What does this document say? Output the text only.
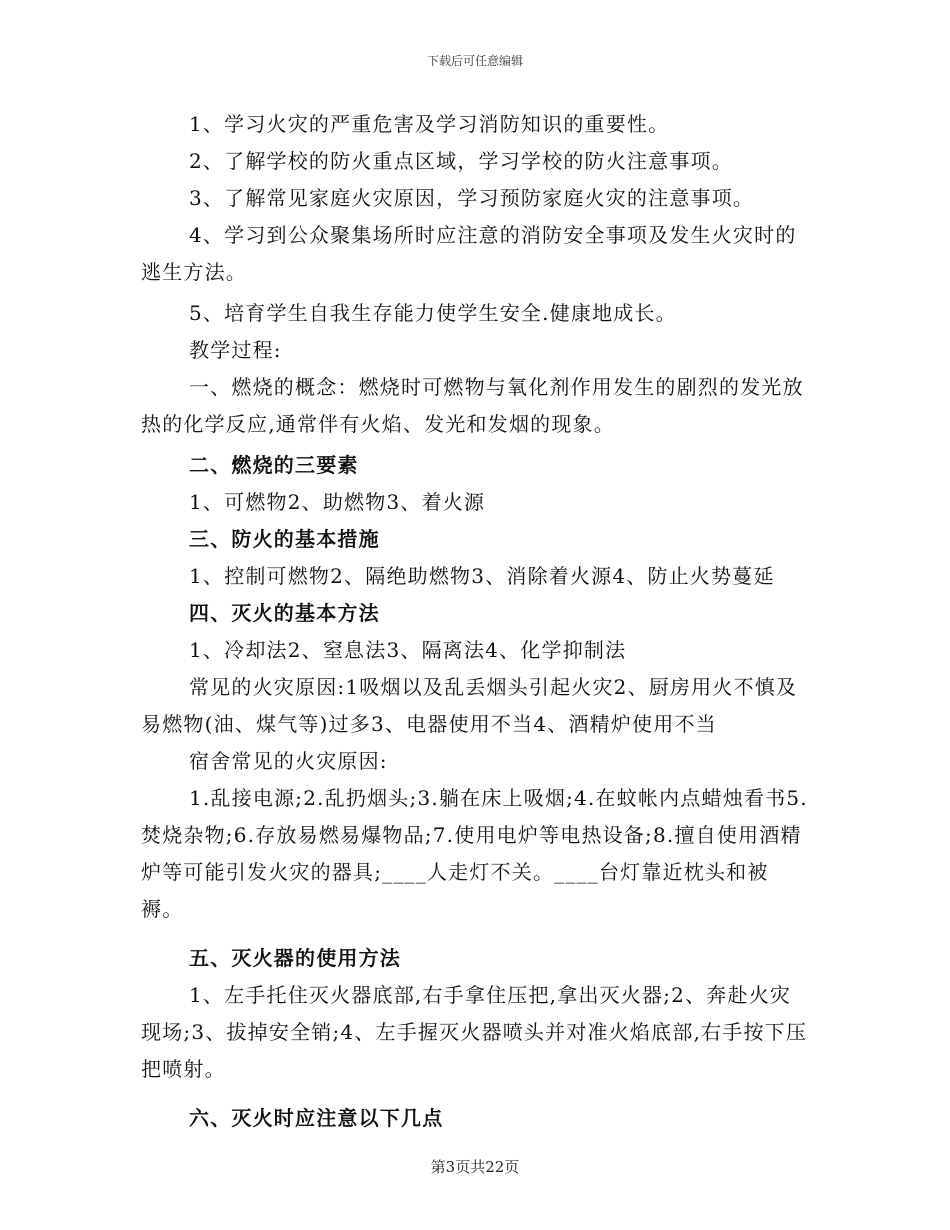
下载后可任意编辑

1、学习火灾的严重危害及学习消防知识的重要性。

2、了解学校的防火重点区域，学习学校的防火注意事项。

3、了解常见家庭火灾原因，学习预防家庭火灾的注意事项。

4、学习到公众聚集场所时应注意的消防安全事项及发生火灾时的逃生方法。

5、培育学生自我生存能力使学生安全.健康地成长。

教学过程:

一、燃烧的概念：燃烧时可燃物与氧化剂作用发生的剧烈的发光放热的化学反应,通常伴有火焰、发光和发烟的现象。

二、燃烧的三要素

1、可燃物2、助燃物3、着火源

三、防火的基本措施

1、控制可燃物2、隔绝助燃物3、消除着火源4、防止火势蔓延

四、灭火的基本方法

1、冷却法2、窒息法3、隔离法4、化学抑制法

常见的火灾原因:1吸烟以及乱丢烟头引起火灾2、厨房用火不慎及易燃物(油、煤气等)过多3、电器使用不当4、酒精炉使用不当

宿舍常见的火灾原因:

1.乱接电源;2.乱扔烟头;3.躺在床上吸烟;4.在蚊帐内点蜡烛看书5.焚烧杂物;6.存放易燃易爆物品;7.使用电炉等电热设备;8.擅自使用酒精炉等可能引发火灾的器具;____人走灯不关。____台灯靠近枕头和被褥。

五、灭火器的使用方法

1、左手托住灭火器底部,右手拿住压把,拿出灭火器;2、奔赴火灾现场;3、拔掉安全销;4、左手握灭火器喷头并对准火焰底部,右手按下压把喷射。

六、灭火时应注意以下几点

第3页共22页
